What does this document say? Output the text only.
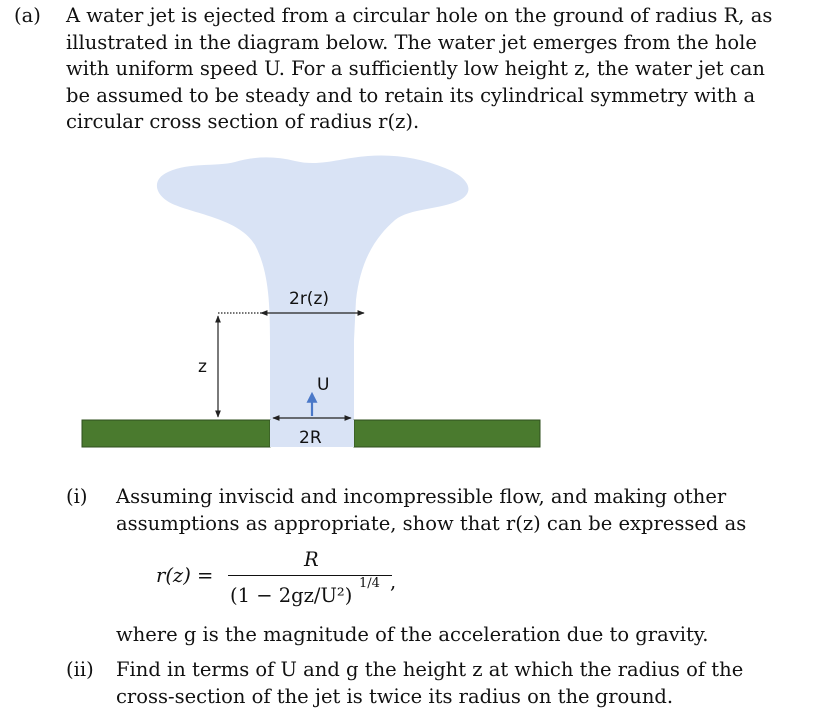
(a) A water jet is ejected from a circular hole on the ground of radius R, as
illustrated in the diagram below. The water jet emerges from the hole
with uniform speed U. For a sufficiently low height z, the water jet can
be assumed to be steady and to retain its cylindrical symmetry with a
circular cross section of radius r(z).
2r(z)
z
U
2R
(i) Assuming inviscid and incompressible flow, and making other
assumptions as appropriate, show that r(z) can be expressed as
r(z) =
R
(1 − 2gz/U²)
1/4 ,
where g is the magnitude of the acceleration due to gravity.
(ii) Find in terms of U and g the height z at which the radius of the
cross-section of the jet is twice its radius on the ground.
